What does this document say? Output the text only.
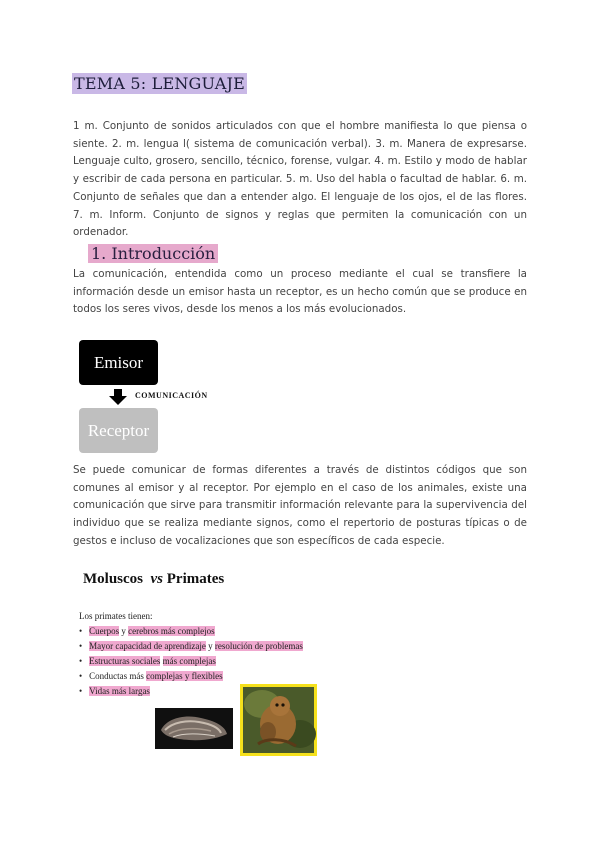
TEMA 5: LENGUAJE
1 m. Conjunto de sonidos articulados con que el hombre manifiesta lo que piensa o siente. 2. m. lengua l( sistema de comunicación verbal). 3. m. Manera de expresarse. Lenguaje culto, grosero, sencillo, técnico, forense, vulgar. 4. m. Estilo y modo de hablar y escribir de cada persona en particular. 5. m. Uso del habla o facultad de hablar. 6. m. Conjunto de señales que dan a entender algo. El lenguaje de los ojos, el de las flores. 7. m. Inform. Conjunto de signos y reglas que permiten la comunicación con un ordenador.
1. Introducción
La comunicación, entendida como un proceso mediante el cual se transfiere la información desde un emisor hasta un receptor, es un hecho común que se produce en todos los seres vivos, desde los menos a los más evolucionados.
Emisor
COMUNICACIÓN
Receptor
Se puede comunicar de formas diferentes a través de distintos códigos que son comunes al emisor y al receptor. Por ejemplo en el caso de los animales, existe una comunicación que sirve para transmitir información relevante para la supervivencia del individuo que se realiza mediante signos, como el repertorio de posturas típicas o de gestos e incluso de vocalizaciones que son específicos de cada especie.
Moluscos vs Primates
Los primates tienen:
• Cuerpos y cerebros más complejos
• Mayor capacidad de aprendizaje y resolución de problemas
• Estructuras sociales más complejas
• Conductas más complejas y flexibles
• Vidas más largas
